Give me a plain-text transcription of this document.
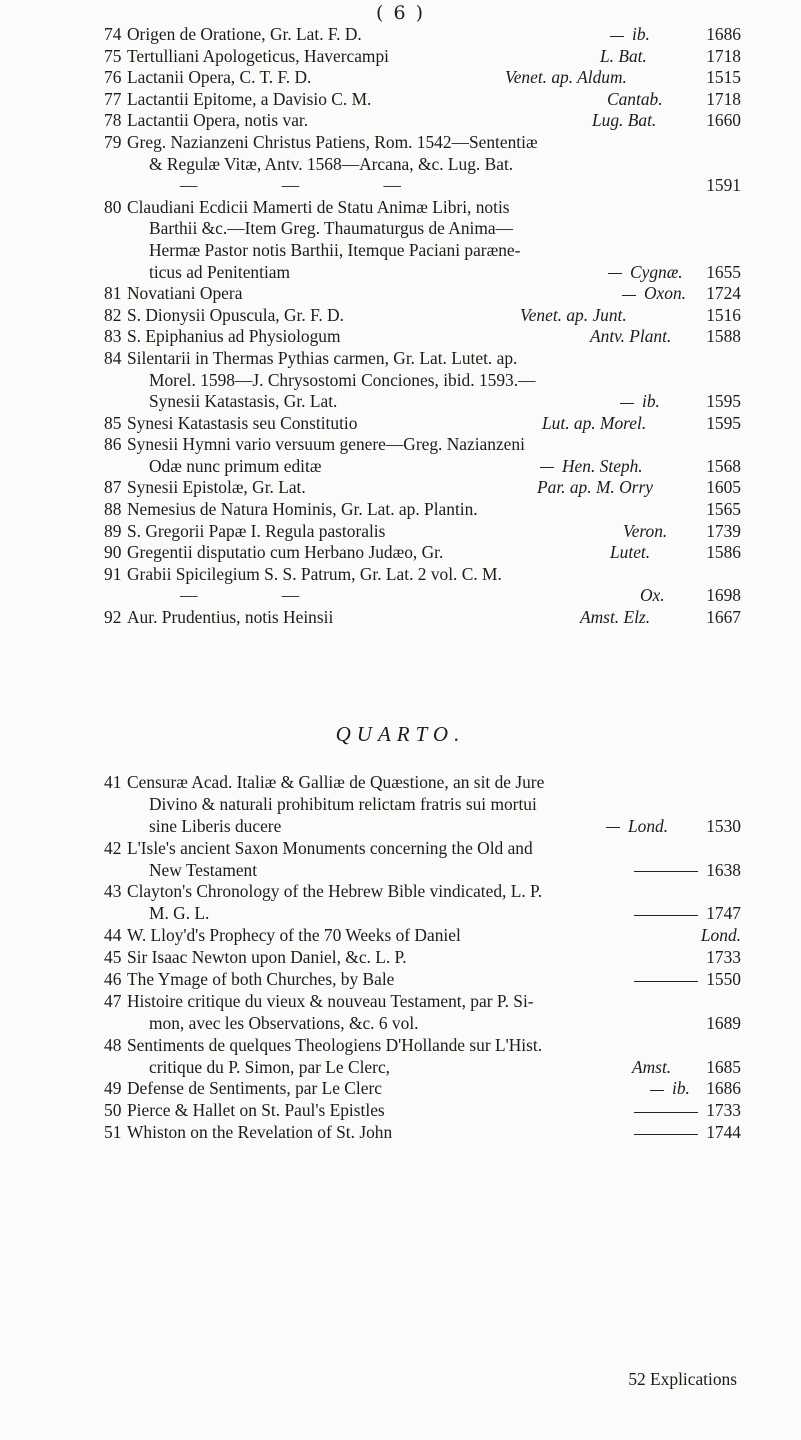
( 6 )
74 Origen de Oratione, Gr. Lat. F. D.	ib.	1686
75 Tertulliani Apologeticus, Havercampi	L. Bat.	1718
76 Lactanii Opera, C. T. F. D.	Venet. ap. Aldum.	1515
77 Lactantii Epitome, a Davisio C. M.	Cantab.	1718
78 Lactantii Opera, notis var.	Lug. Bat.	1660
79 Greg. Nazianzeni Christus Patiens, Rom. 1542—Sententiæ
& Regulæ Vitæ, Antv. 1568—Arcana, &c. Lug. Bat.
— — —	1591
80 Claudiani Ecdicii Mamerti de Statu Animæ Libri, notis
Barthii &c.—Item Greg. Thaumaturgus de Anima—
Hermæ Pastor notis Barthii, Itemque Paciani paræne-
ticus ad Penitentiam	Cygnæ. 1655
81 Novatiani Opera	Oxon. 1724
82 S. Dionysii Opuscula, Gr. F. D.	Venet. ap. Junt.	1516
83 S. Epiphanius ad Physiologum	Antv. Plant. 1588
84 Silentarii in Thermas Pythias carmen, Gr. Lat. Lutet. ap.
Morel. 1598—J. Chrysostomi Conciones, ibid. 1593.—
Synesii Katastasis, Gr. Lat.	ib.	1595
85 Synesi Katastasis seu Constitutio	Lut. ap. Morel.	1595
86 Synesii Hymni vario versuum genere—Greg. Nazianzeni
Odæ nunc primum editæ	Hen. Steph.	1568
87 Synesii Epistolæ, Gr. Lat.	Par. ap. M. Orry	1605
88 Nemesius de Natura Hominis, Gr. Lat. ap. Plantin.	1565
89 S. Gregorii Papæ I. Regula pastoralis	Veron. 1739
90 Gregentii disputatio cum Herbano Judæo, Gr.	Lutet.	1586
91 Grabii Spicilegium S. S. Patrum, Gr. Lat. 2 vol. C. M.
— —	Ox. 1698
92 Aur. Prudentius, notis Heinsii	Amst. Elz.	1667
QUARTO.
41 Censuræ Acad. Italiæ & Galliæ de Quæstione, an sit de Jure
Divino & naturali prohibitum relictam fratris sui mortui
sine Liberis ducere	Lond. 1530
42 L'Isle's ancient Saxon Monuments concerning the Old and
New Testament	1638
43 Clayton's Chronology of the Hebrew Bible vindicated, L. P.
M. G. L.	1747
44 W. Lloy'd's Prophecy of the 70 Weeks of Daniel	Lond.
45 Sir Isaac Newton upon Daniel, &c. L. P.	1733
46 The Ymage of both Churches, by Bale	1550
47 Histoire critique du vieux & nouveau Testament, par P. Si-
mon, avec les Observations, &c. 6 vol.	1689
48 Sentiments de quelques Theologiens D'Hollande sur L'Hist.
critique du P. Simon, par Le Clerc,	Amst. 1685
49 Defense de Sentiments, par Le Clerc	ib. 1686
50 Pierce & Hallet on St. Paul's Epistles	1733
51 Whiston on the Revelation of St. John	1744
52 Explications
